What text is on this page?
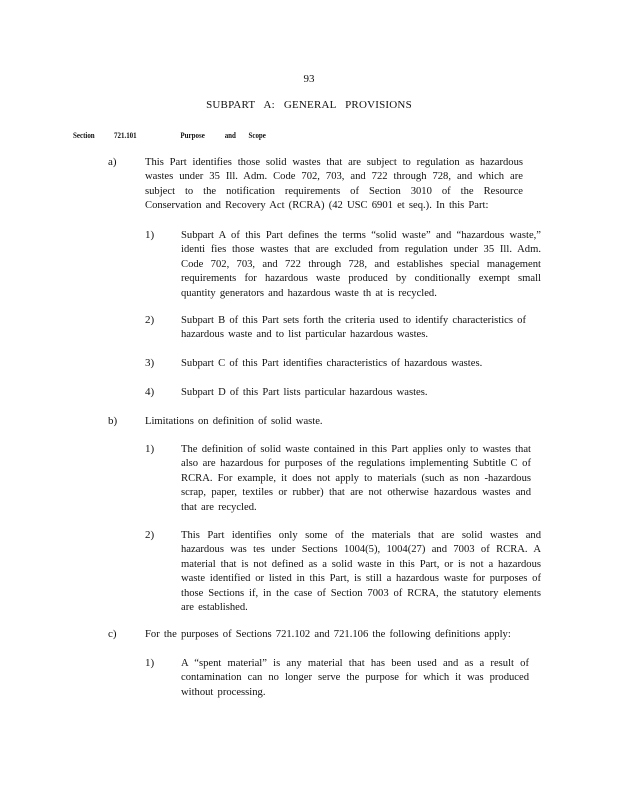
93
SUBPART A: GENERAL PROVISIONS
Section 721.101	Purpose and Scope
a)	This Part identifies those solid wastes that are subject to regulation as hazardous wastes under 35 Ill. Adm. Code 702, 703, and 722 through 728, and which are subject to the notification requirements of Section 3010 of the Resource Conservation and Recovery Act (RCRA) (42 USC 6901 et seq.). In this Part:

1)	Subpart A of this Part defines the terms “solid waste” and “hazardous waste,” identi fies those wastes that are excluded from regulation under 35 Ill. Adm. Code 702, 703, and 722 through 728, and establishes special management requirements for hazardous waste produced by conditionally exempt small quantity generators and hazardous waste th at is recycled.

2)	Subpart B of this Part sets forth the criteria used to identify characteristics of hazardous waste and to list particular hazardous wastes.

3)	Subpart C of this Part identifies characteristics of hazardous wastes.

4)	Subpart D of this Part lists particular hazardous wastes.

b)	Limitations on definition of solid waste.

1)	The definition of solid waste contained in this Part applies only to wastes that also are hazardous for purposes of the regulations implementing Subtitle C of RCRA. For example, it does not apply to materials (such as non -hazardous scrap, paper, textiles or rubber) that are not otherwise hazardous wastes and that are recycled.

2)	This Part identifies only some of the materials that are solid wastes and hazardous was tes under Sections 1004(5), 1004(27) and 7003 of RCRA. A material that is not defined as a solid waste in this Part, or is not a hazardous waste identified or listed in this Part, is still a hazardous waste for purposes of those Sections if, in the case of Section 7003 of RCRA, the statutory elements are established.

c)	For the purposes of Sections 721.102 and 721.106 the following definitions apply:

1)	A “spent material” is any material that has been used and as a result of contamination can no longer serve the purpose for which it was produced without processing.
